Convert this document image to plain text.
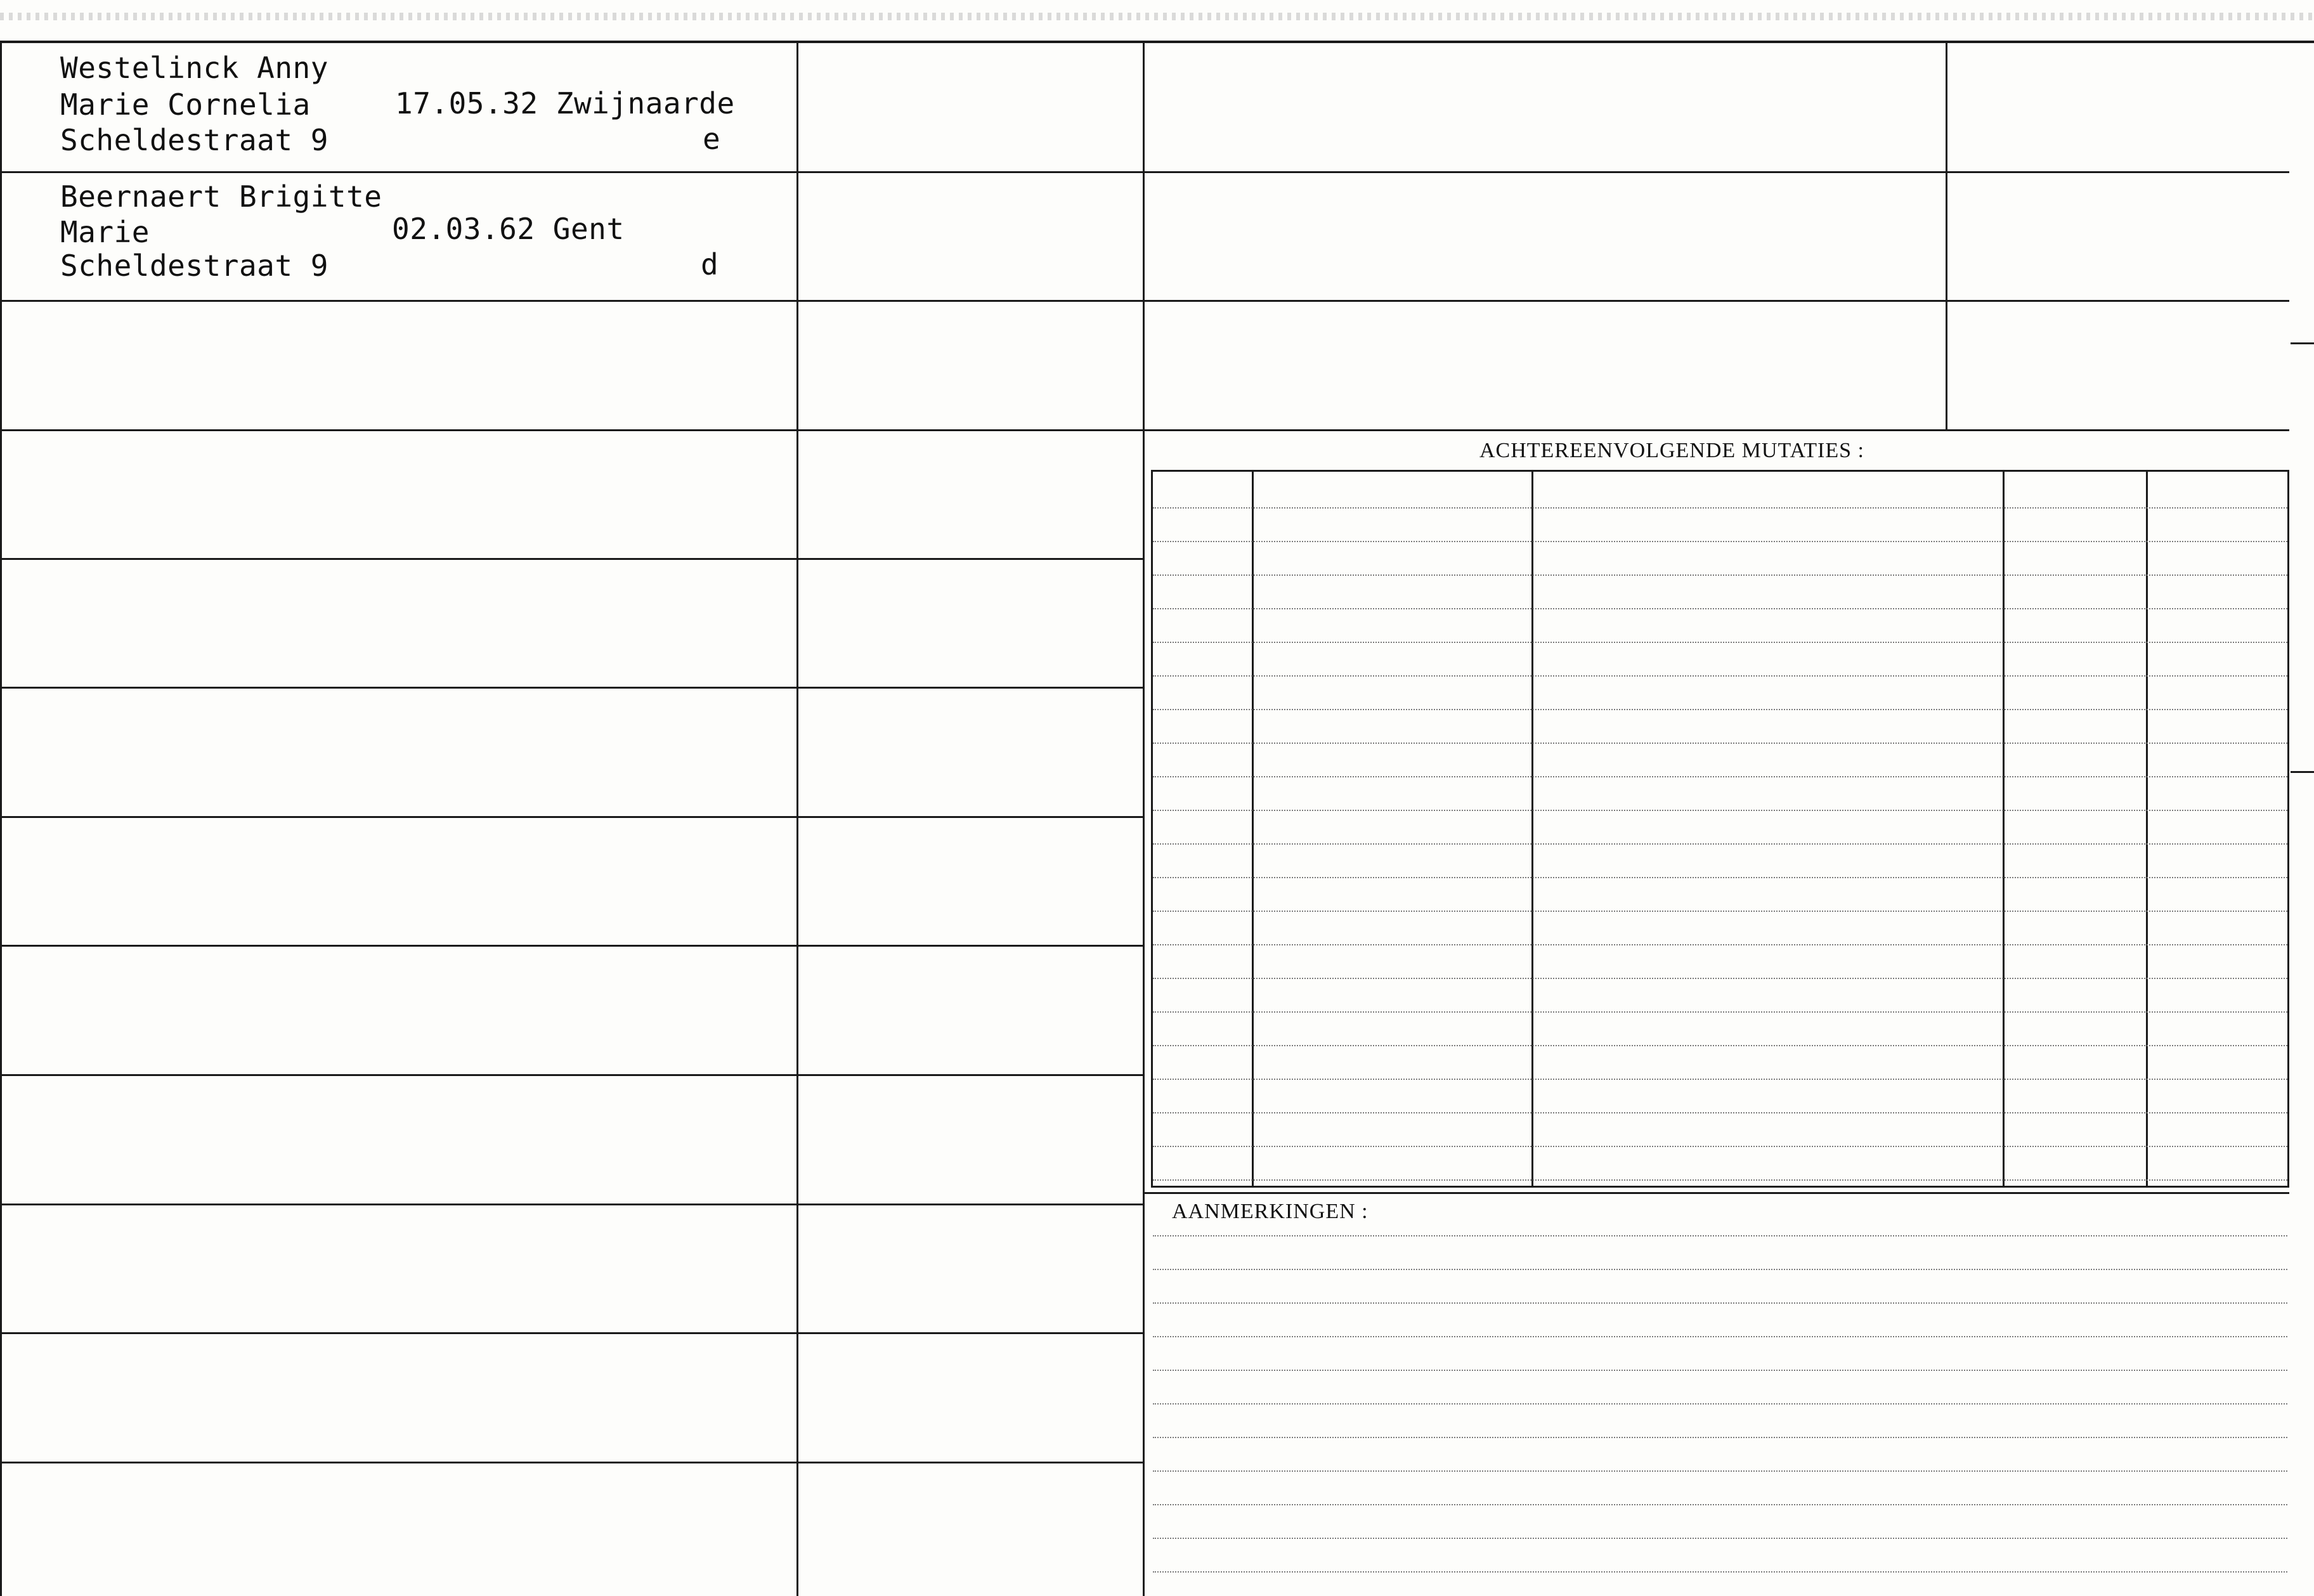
Westelinck Anny
Marie Cornelia
Scheldestraat 9
17.05.32 Zwijnaarde
e
Beernaert Brigitte
Marie
Scheldestraat 9
02.03.62 Gent
d
ACHTEREENVOLGENDE MUTATIES :
AANMERKINGEN :
